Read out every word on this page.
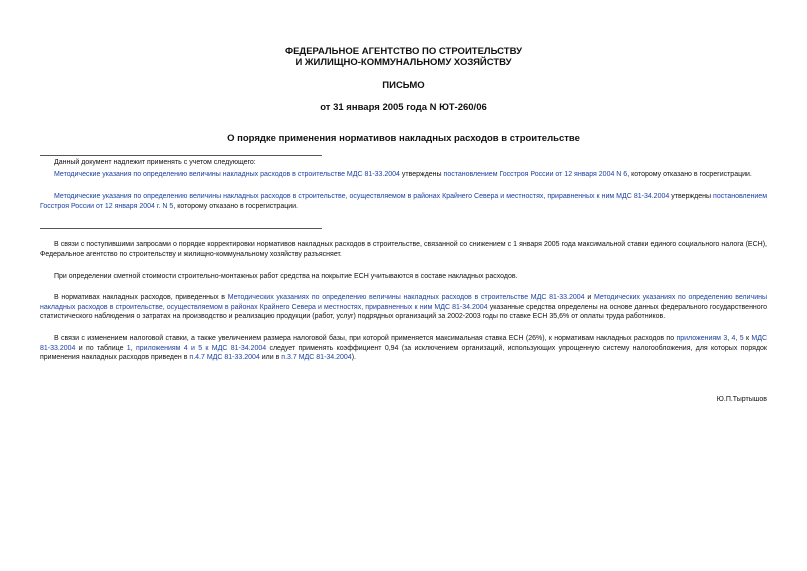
ФЕДЕРАЛЬНОЕ АГЕНТСТВО ПО СТРОИТЕЛЬСТВУ
И ЖИЛИЩНО-КОММУНАЛЬНОМУ ХОЗЯЙСТВУ
ПИСЬМО
от 31 января 2005 года N ЮТ-260/06
О порядке применения нормативов накладных расходов в строительстве
Данный документ надлежит применять с учетом следующего:
Методические указания по определению величины накладных расходов в строительстве МДС 81-33.2004 утверждены постановлением Госстроя России от 12 января 2004 N 6, которому отказано в госрегистрации.
Методические указания по определению величины накладных расходов в строительстве, осуществляемом в районах Крайнего Севера и местностях, приравненных к ним МДС 81-34.2004 утверждены постановлением Госстроя России от 12 января 2004 г. N 5, которому отказано в госрегистрации.
В связи с поступившими запросами о порядке корректировки нормативов накладных расходов в строительстве, связанной со снижением с 1 января 2005 года максимальной ставки единого социального налога (ЕСН), Федеральное агентство по строительству и жилищно-коммунальному хозяйству разъясняет.
При определении сметной стоимости строительно-монтажных работ средства на покрытие ЕСН учитываются в составе накладных расходов.
В нормативах накладных расходов, приведенных в Методических указаниях по определению величины накладных расходов в строительстве МДС 81-33.2004 и Методических указаниях по определению величины накладных расходов в строительстве, осуществляемом в районах Крайнего Севера и местностях, приравненных к ним МДС 81-34.2004 указанные средства определены на основе данных федерального государственного статистического наблюдения о затратах на производство и реализацию продукции (работ, услуг) подрядных организаций за 2002-2003 годы по ставке ЕСН 35,6% от оплаты труда работников.
В связи с изменением налоговой ставки, а также увеличением размера налоговой базы, при которой применяется максимальная ставка ЕСН (26%), к нормативам накладных расходов по приложениям 3, 4, 5 к МДС 81-33.2004 и по таблице 1, приложениям 4 и 5 к МДС 81-34.2004 следует применять коэффициент 0,94 (за исключением организаций, использующих упрощенную систему налогообложения, для которых порядок применения накладных расходов приведен в п.4.7 МДС 81-33.2004 или в п.3.7 МДС 81-34.2004).
Ю.П.Тыртышов
